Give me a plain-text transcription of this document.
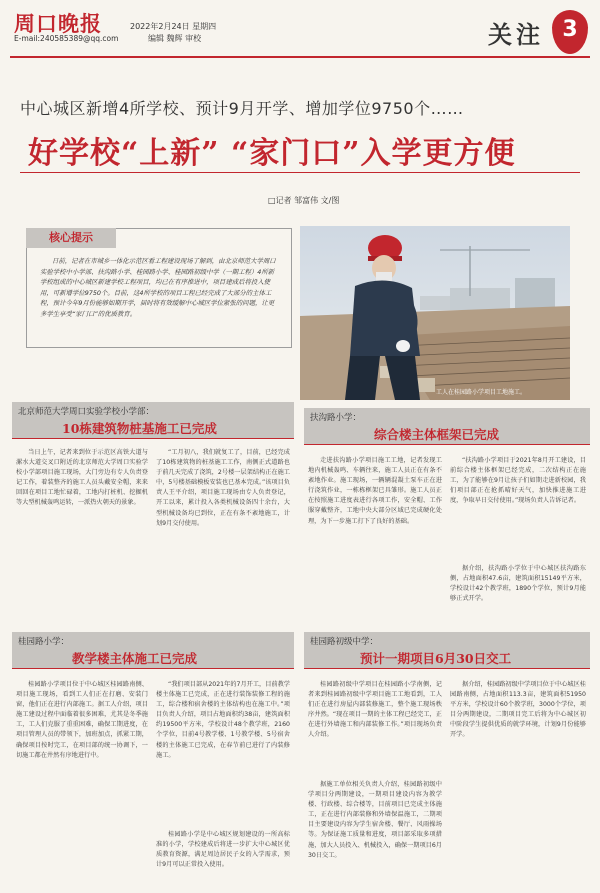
周口晚报
E-mail:240585389@qq.com
2022年2月24日 星期四
编辑 魏辉 审校	关注 3
中心城区新增4所学校、预计9月开学、增加学位9750个……
好学校“上新” “家门口”入学更方便
□记者 邹富伟 文/图
核心提示
日前，记者在市城乡一体化示范区看工程建设现场了解到，由北京师范大学周口实验学校中小学部、扶沟路小学、桂园路小学、桂园路初级中学（一期工程）4所新学校组成的中心城区新建学校工程项目，均已在有序推进中，项目建成后将投入使用，可新增学位9750个。目前，这4所学校的项目工程已经完成了大部分的主体工程，预计今年9月份能够如期开学，届时将有效缓解中心城区学位紧张的问题，让更多学生享受“家门口”的优质教育。
工人在桂园路小学项目工地施工。
北京师范大学周口实验学校小学部：
10栋建筑物桩基施工已完成
当日上午，记者来到位于示范区高铁大道与漯水大道交叉口附近的北京师范大学周口实验学校小学部项目施工现场，大门旁边有专人负责登记工作，着装整齐的施工人员头戴安全帽，来来回回在项目工地忙碌着，工地内打桩机、挖掘机等大型机械轰鸣运转，一派热火朝天的景象。
“工月初八，我们就复工了，目前，已经完成了10栋建筑物的桩基施工工作，南侧正式道路也于前几天完成了浇筑，2号楼一层架结构正在施工中，5号楼基础模板安装也已基本完成。”该项目负责人王平介绍，项目施工现场由专人负责登记，开工以来，累计投入各类机械设备四十余台，大型机械设备均已到位，正在有条不紊地施工，计划9月交付使用。
扶沟路小学：
综合楼主体框架已完成
走进扶沟路小学项目施工工地，记者发现工地内机械轰鸣、车辆往来，施工人员正在有条不紊地作业。施工现场，一辆辆混凝土泵车正在进行浇筑作业，一栋栋框架已具雏形。施工人员正在按照施工进度表进行各项工作，安全帽、工作服穿戴整齐，工地中央大部分区域已完成硬化处理，为下一步施工打下了良好的基础。
“扶沟路小学项目于2021年8月开工建设，目前综合楼主体框架已经完成，二次结构正在施工，为了能够在9月让孩子们如期走进新校园，我们项目部正在抢抓晴好天气，加快推进施工进度，争取早日交付使用。”现场负责人告诉记者。
据介绍，扶沟路小学位于中心城区扶沟路东侧，占地面积47.6亩，建筑面积15149平方米，学校设计42个教学班，1890个学位，预计9月能够正式开学。
桂园路小学：
教学楼主体施工已完成
桂园路小学项目位于中心城区桂园路南侧、项目施工现场，看到工人们正在打磨、安装门窗，他们正在进行内部施工。据工人介绍，项目施工建设过程中面临着很多困难，尤其是冬季施工，工人们克服了重重困难，确保工期进度，在项目管理人员的带领下，加班加点，抓紧工期，确保项目按时完工，在项目部的统一协调下，一切施工都在井然有序地进行中。
“我们项目部从2021年的7月开工，目前教学楼主体施工已完成，正在进行装饰装修工程的施工，综合楼和宿舍楼的主体结构也在施工中。”项目负责人介绍，项目占地面积约38亩，建筑面积约19500平方米，学校设计48个教学班，2160个学位，目前4号教学楼、1号教学楼、5号宿舍楼的主体施工已完成，在春节前已进行了内装修施工。
桂园路小学是中心城区规划建设的一所高标准的小学，学校建成后将进一步扩大中心城区优质教育资源，满足周边居民子女的入学需求，预计9月可以正常投入使用。
桂园路初级中学：
预计一期项目6月30日交工
桂园路初级中学项目在桂园路小学南侧，记者来到桂园路初级中学项目施工工地看到，工人们正在进行房屋内部装修施工，整个施工现场秩序井然。“现在项目一期的主体工程已经完工，正在进行外墙施工和内部装修工作。”项目现场负责人介绍。
据施工单位相关负责人介绍，桂园路初级中学项目分两期建设，一期项目建设内容为教学楼、行政楼、综合楼等，目前项目已完成主体施工，正在进行内部装修和外墙保温施工，二期项目主要建设内容为学生宿舍楼、餐厅、风雨操场等。为保证施工质量和进度，项目部采取多项措施，加大人员投入、机械投入，确保一期项目6月30日交工。
据介绍，桂园路初级中学项目位于中心城区桂园路南侧，占地面积113.3亩，建筑面积51950平方米，学校设计60个教学班，3000个学位，项目分两期建设，二期项目完工后将为中心城区初中阶段学生提供优质的就学环境，计划9月份能够开学。
